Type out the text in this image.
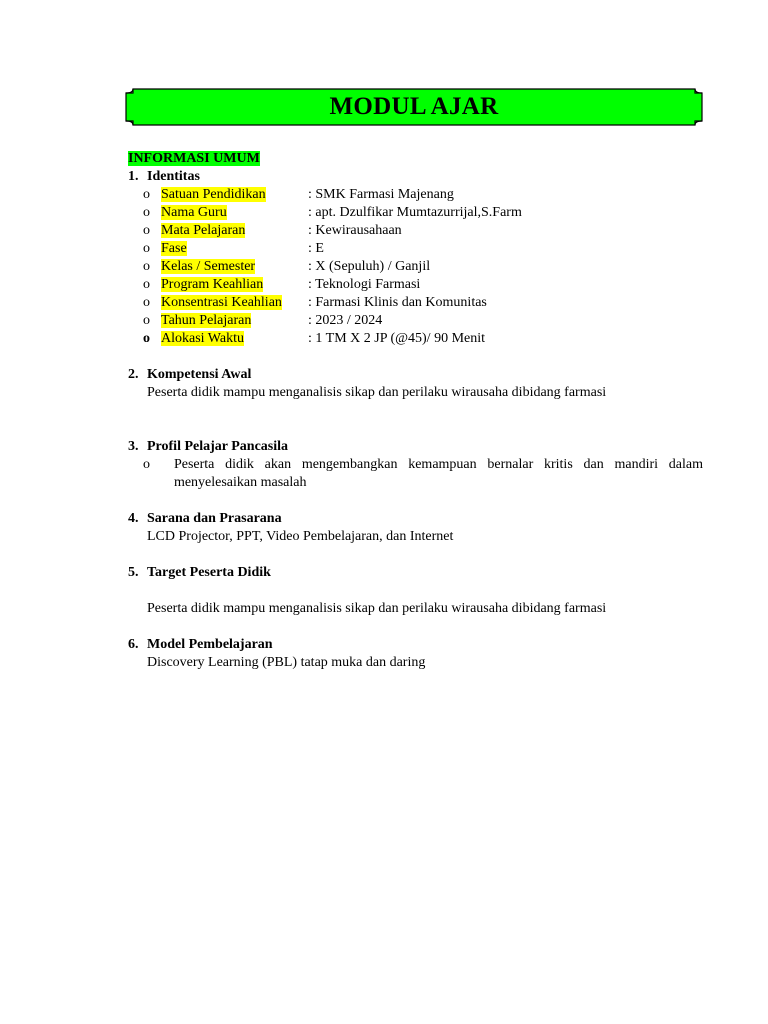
MODUL AJAR
INFORMASI UMUM
1. Identitas
o Satuan Pendidikan	: SMK Farmasi Majenang
o Nama Guru	: apt. Dzulfikar Mumtazurrijal,S.Farm
o Mata Pelajaran	: Kewirausahaan
o Fase	: E
o Kelas / Semester	: X (Sepuluh) / Ganjil
o Program Keahlian	: Teknologi Farmasi
o Konsentrasi Keahlian	: Farmasi Klinis dan Komunitas
o Tahun Pelajaran	: 2023 / 2024
o Alokasi Waktu	: 1 TM X 2 JP (@45)/ 90 Menit
2. Kompetensi Awal
Peserta didik mampu menganalisis sikap dan perilaku wirausaha dibidang farmasi
3. Profil Pelajar Pancasila
o	Peserta didik akan mengembangkan kemampuan bernalar kritis dan mandiri dalam menyelesaikan masalah
4. Sarana dan Prasarana
LCD Projector, PPT, Video Pembelajaran, dan Internet
5. Target Peserta Didik
Peserta didik mampu menganalisis sikap dan perilaku wirausaha dibidang farmasi
6. Model Pembelajaran
Discovery Learning (PBL) tatap muka dan daring
